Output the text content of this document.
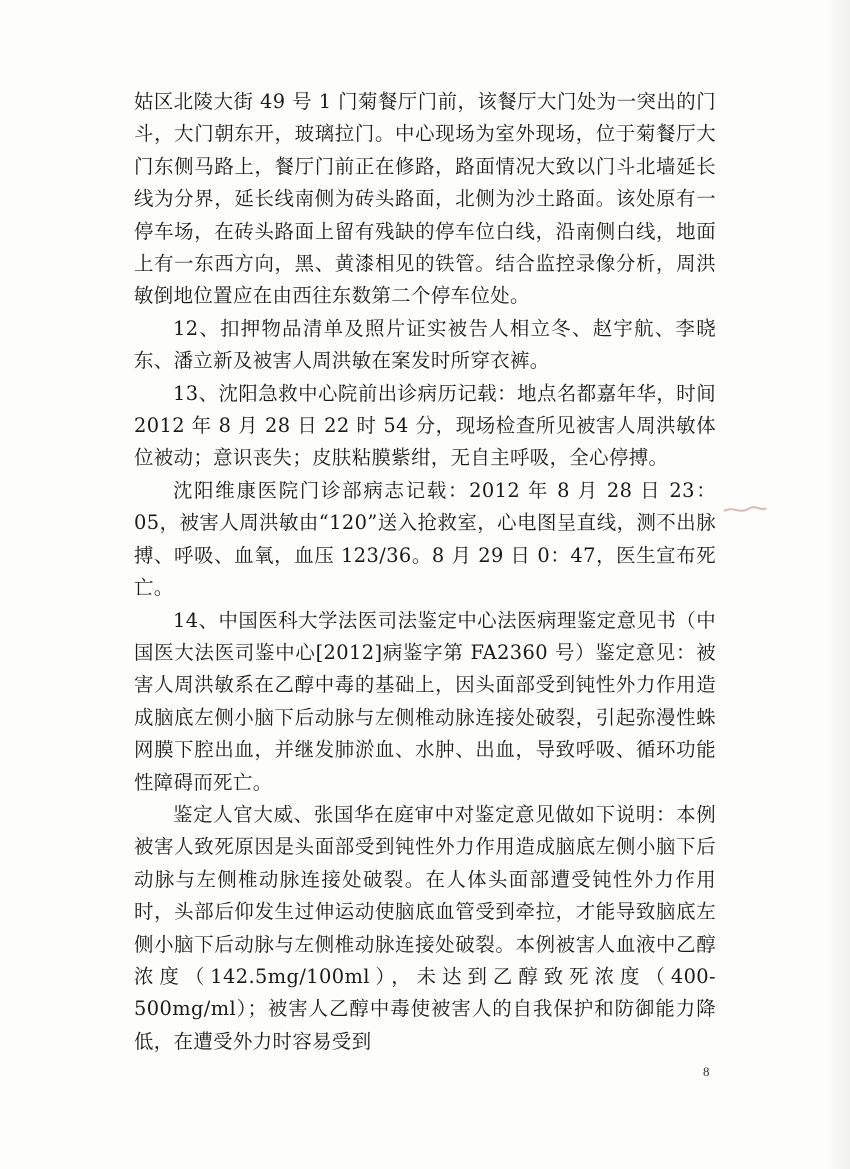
姑区北陵大街 49 号 1 门菊餐厅门前，该餐厅大门处为一突出的门斗，大门朝东开，玻璃拉门。中心现场为室外现场，位于菊餐厅大门东侧马路上，餐厅门前正在修路，路面情况大致以门斗北墙延长线为分界，延长线南侧为砖头路面，北侧为沙土路面。该处原有一停车场，在砖头路面上留有残缺的停车位白线，沿南侧白线，地面上有一东西方向，黑、黄漆相见的铁管。结合监控录像分析，周洪敏倒地位置应在由西往东数第二个停车位处。

12、扣押物品清单及照片证实被告人相立冬、赵宇航、李晓东、潘立新及被害人周洪敏在案发时所穿衣裤。

13、沈阳急救中心院前出诊病历记载：地点名都嘉年华，时间 2012 年 8 月 28 日 22 时 54 分，现场检查所见被害人周洪敏体位被动；意识丧失；皮肤粘膜紫绀，无自主呼吸，全心停搏。

沈阳维康医院门诊部病志记载：2012 年 8 月 28 日 23：05，被害人周洪敏由“120”送入抢救室，心电图呈直线，测不出脉搏、呼吸、血氧，血压 123/36。8 月 29 日 0：47，医生宣布死亡。

14、中国医科大学法医司法鉴定中心法医病理鉴定意见书（中国医大法医司鉴中心[2012]病鉴字第 FA2360 号）鉴定意见：被害人周洪敏系在乙醇中毒的基础上，因头面部受到钝性外力作用造成脑底左侧小脑下后动脉与左侧椎动脉连接处破裂，引起弥漫性蛛网膜下腔出血，并继发肺淤血、水肿、出血，导致呼吸、循环功能性障碍而死亡。

鉴定人官大威、张国华在庭审中对鉴定意见做如下说明：本例被害人致死原因是头面部受到钝性外力作用造成脑底左侧小脑下后动脉与左侧椎动脉连接处破裂。在人体头面部遭受钝性外力作用时，头部后仰发生过伸运动使脑底血管受到牵拉，才能导致脑底左侧小脑下后动脉与左侧椎动脉连接处破裂。本例被害人血液中乙醇浓度（142.5mg/100ml），未达到乙醇致死浓度（400-500mg/ml）；被害人乙醇中毒使被害人的自我保护和防御能力降低，在遭受外力时容易受到

8
